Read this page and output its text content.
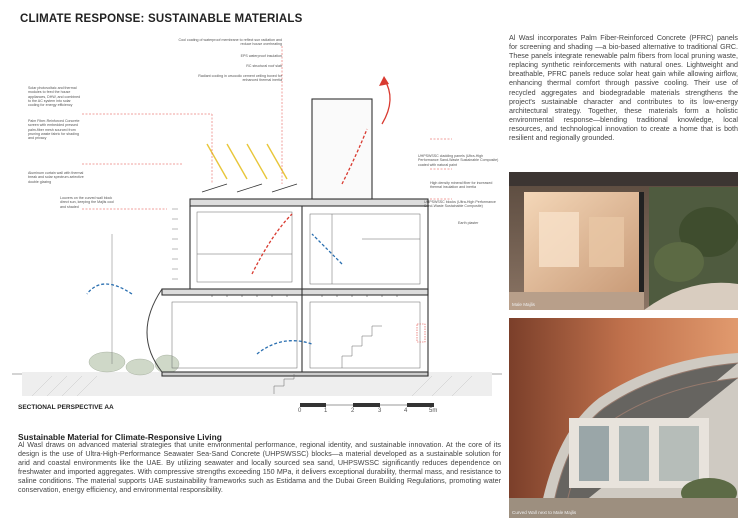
CLIMATE RESPONSE: SUSTAINABLE MATERIALS
Cool coating of waterproof membrane to reflect sun radiation and reduce house overheating
EPS waterproof insulation
RC structural roof slab
Radiant cooling in ursocolic cement ceiling boxed for enhanced thermal inertia
Solar photovoltaic and thermal modules to feed the house appliances, DHW, and combined to the AC system into solar cooling for energy efficiency
Palm Fiber-Reinforced Concrete screen with embedded pressed palm-fiber mesh sourced from pruning waste fabric for shading and privacy
Aluminum curtain wall with thermal break and solar spectrum-selective double glazing
Louvers on the curved wall block direct sun, keeping the Majlis cool and shaded
UHPSWSSC cladding panels (Ultra-High Performance Sand-Waste Sustainable Composite) coated with natural paint
High density mineral fiber for increased thermal insulation and inertia
UHPSWSSC blocks (Ultra-High Performance Sand-Waste Sustainable Composite)
Earth plaster
SECTIONAL PERSPECTIVE AA	0	1	2	3	4	5m
Sustainable Material for Climate-Responsive Living
Al Wasl draws on advanced material strategies that unite environmental performance, regional identity, and sustainable innovation. At the core of its design is the use of Ultra-High-Performance Seawater Sea-Sand Concrete (UHPSWSSC) blocks—a material developed as a sustainable solution for arid and coastal environments like the UAE. By utilizing seawater and locally sourced sea sand, UHPSWSSC significantly reduces dependence on freshwater and imported aggregates. With compressive strengths exceeding 150 MPa, it delivers exceptional durability, thermal mass, and resistance to saline conditions. The material supports UAE sustainability frameworks such as Estidama and the Dubai Green Building Regulations, promoting water conservation, energy efficiency, and environmental responsibility.
Al Wasl incorporates Palm Fiber-Reinforced Concrete (PFRC) panels for screening and shading —a bio-based alternative to traditional GRC. These panels integrate renewable palm fibers from local pruning waste, replacing synthetic reinforcements with natural ones. Lightweight and breathable, PFRC panels reduce solar heat gain while allowing airflow, enhancing thermal comfort through passive cooling. Their use of recycled aggregates and biodegradable materials strengthens the project's sustainable character and contributes to its low-energy architectural strategy. Together, these materials form a holistic environmental response—blending traditional knowledge, local resources, and technological innovation to create a home that is both resilient and regionally grounded.
Male Majlis
Curved Wall next to Male Majlis
